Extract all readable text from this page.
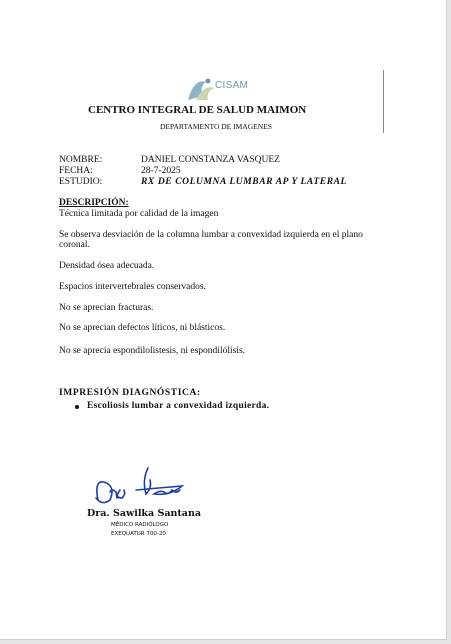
CISAM
CENTRO INTEGRAL DE SALUD MAIMON
DEPARTAMENTO DE IMAGENES
NOMBRE:	DANIEL CONSTANZA VASQUEZ
FECHA:	28-7-2025
ESTUDIO:	RX DE COLUMNA LUMBAR AP Y LATERAL
DESCRIPCIÓN:
Técnica limitada por calidad de la imagen
Se observa desviación de la columna lumbar a convexidad izquierda en el plano coronal.
Densidad ósea adecuada.
Espacios intervertebrales conservados.
No se aprecian fracturas.
No se aprecian defectos líticos, ni blásticos.
No se aprecia espondilolistesis, ni espondilólisis.
IMPRESIÓN DIAGNÓSTICA:
Escoliosis lumbar a convexidad izquierda.
Dra. Sawilka Santana
MÉDICO RADIÓLOGO
EXEQUATUR 700-20
